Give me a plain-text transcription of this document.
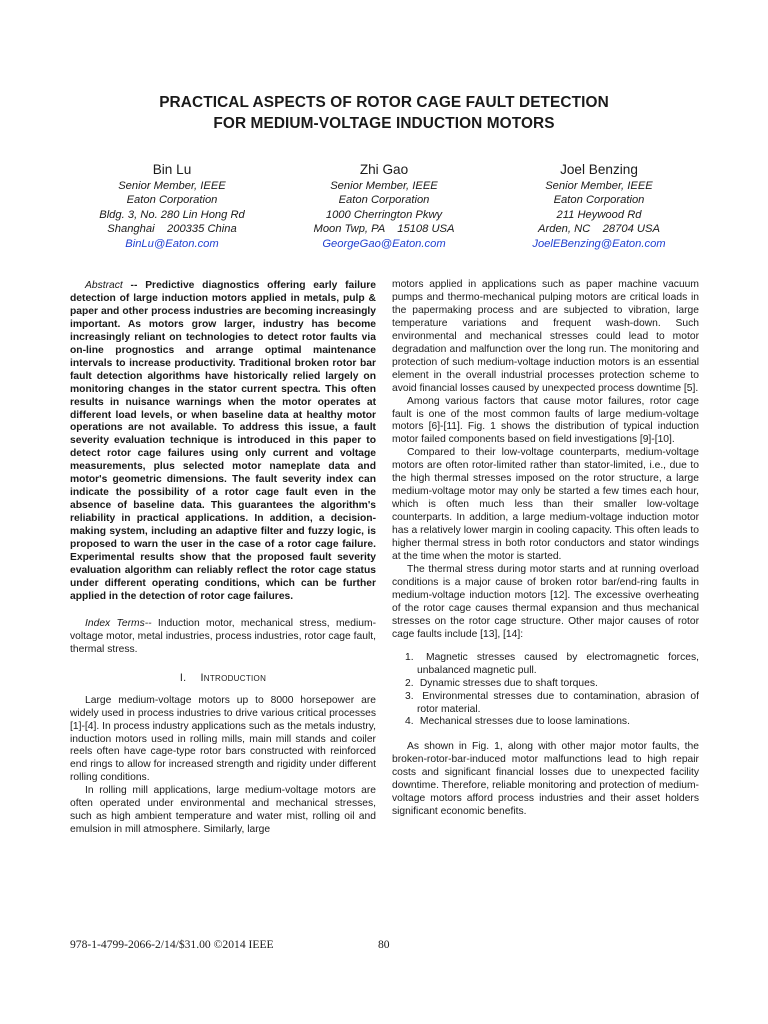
PRACTICAL ASPECTS OF ROTOR CAGE FAULT DETECTION
FOR MEDIUM-VOLTAGE INDUCTION MOTORS
Bin Lu
Senior Member, IEEE
Eaton Corporation
Bldg. 3, No. 280 Lin Hong Rd
Shanghai    200335 China
BinLu@Eaton.com
Zhi Gao
Senior Member, IEEE
Eaton Corporation
1000 Cherrington Pkwy
Moon Twp, PA    15108 USA
GeorgeGao@Eaton.com
Joel Benzing
Senior Member, IEEE
Eaton Corporation
211 Heywood Rd
Arden, NC    28704 USA
JoelEBenzing@Eaton.com

Abstract -- Predictive diagnostics offering early failure detection of large induction motors applied in metals, pulp & paper and other process industries are becoming increasingly important. As motors grow larger, industry has become increasingly reliant on technologies to detect rotor faults via on-line prognostics and arrange optimal maintenance intervals to increase productivity. Traditional broken rotor bar fault detection algorithms have historically relied largely on monitoring changes in the stator current spectra. This often results in nuisance warnings when the motor operates at different load levels, or when baseline data at healthy motor operations are not available. To address this issue, a fault severity evaluation technique is introduced in this paper to detect rotor cage failures using only current and voltage measurements, plus selected motor nameplate data and motor's geometric dimensions. The fault severity index can indicate the possibility of a rotor cage fault even in the absence of baseline data. This guarantees the algorithm's reliability in practical applications. In addition, a decision-making system, including an adaptive filter and fuzzy logic, is proposed to warn the user in the case of a rotor cage failure. Experimental results show that the proposed fault severity evaluation algorithm can reliably reflect the rotor cage status under different operating conditions, which can be further applied in the detection of rotor cage failures.

Index Terms-- Induction motor, mechanical stress, medium-voltage motor, metal industries, process industries, rotor cage fault, thermal stress.

I. Introduction

Large medium-voltage motors up to 8000 horsepower are widely used in process industries to drive various critical processes [1]-[4]. In process industry applications such as the metals industry, induction motors used in rolling mills, main mill stands and coiler reels often have cage-type rotor bars constructed with reinforced end rings to allow for increased strength and rigidity under different rolling conditions.

In rolling mill applications, large medium-voltage motors are often operated under environmental and mechanical stresses, such as high ambient temperature and water mist, rolling oil and emulsion in mill atmosphere. Similarly, large

motors applied in applications such as paper machine vacuum pumps and thermo-mechanical pulping motors are critical loads in the papermaking process and are subjected to vibration, large temperature variations and frequent wash-down. Such environmental and mechanical stresses could lead to motor degradation and malfunction over the long run. The monitoring and protection of such medium-voltage induction motors is an essential element in the overall industrial processes protection scheme to avoid financial losses caused by unexpected process downtime [5].

Among various factors that cause motor failures, rotor cage fault is one of the most common faults of large medium-voltage motors [6]-[11]. Fig. 1 shows the distribution of typical induction motor failed components based on field investigations [9]-[10].

Compared to their low-voltage counterparts, medium-voltage motors are often rotor-limited rather than stator-limited, i.e., due to the high thermal stresses imposed on the rotor structure, a large medium-voltage motor may only be started a few times each hour, which is often much less than their smaller low-voltage counterparts. In addition, a large medium-voltage induction motor has a relatively lower margin in cooling capacity. This often leads to higher thermal stress in both rotor conductors and stator windings at the time when the motor is started.

The thermal stress during motor starts and at running overload conditions is a major cause of broken rotor bar/end-ring faults in medium-voltage induction motors [12]. The excessive overheating of the rotor cage causes thermal expansion and thus mechanical stresses on the rotor cage structure. Other major causes of rotor cage faults include [13], [14]:

1. Magnetic stresses caused by electromagnetic forces, unbalanced magnetic pull.
2. Dynamic stresses due to shaft torques.
3. Environmental stresses due to contamination, abrasion of rotor material.
4. Mechanical stresses due to loose laminations.

As shown in Fig. 1, along with other major motor faults, the broken-rotor-bar-induced motor malfunctions lead to high repair costs and significant financial losses due to unexpected facility downtime. Therefore, reliable monitoring and protection of medium-voltage motors afford process industries and their asset holders significant economic benefits.

978-1-4799-2066-2/14/$31.00 ©2014 IEEE	80
